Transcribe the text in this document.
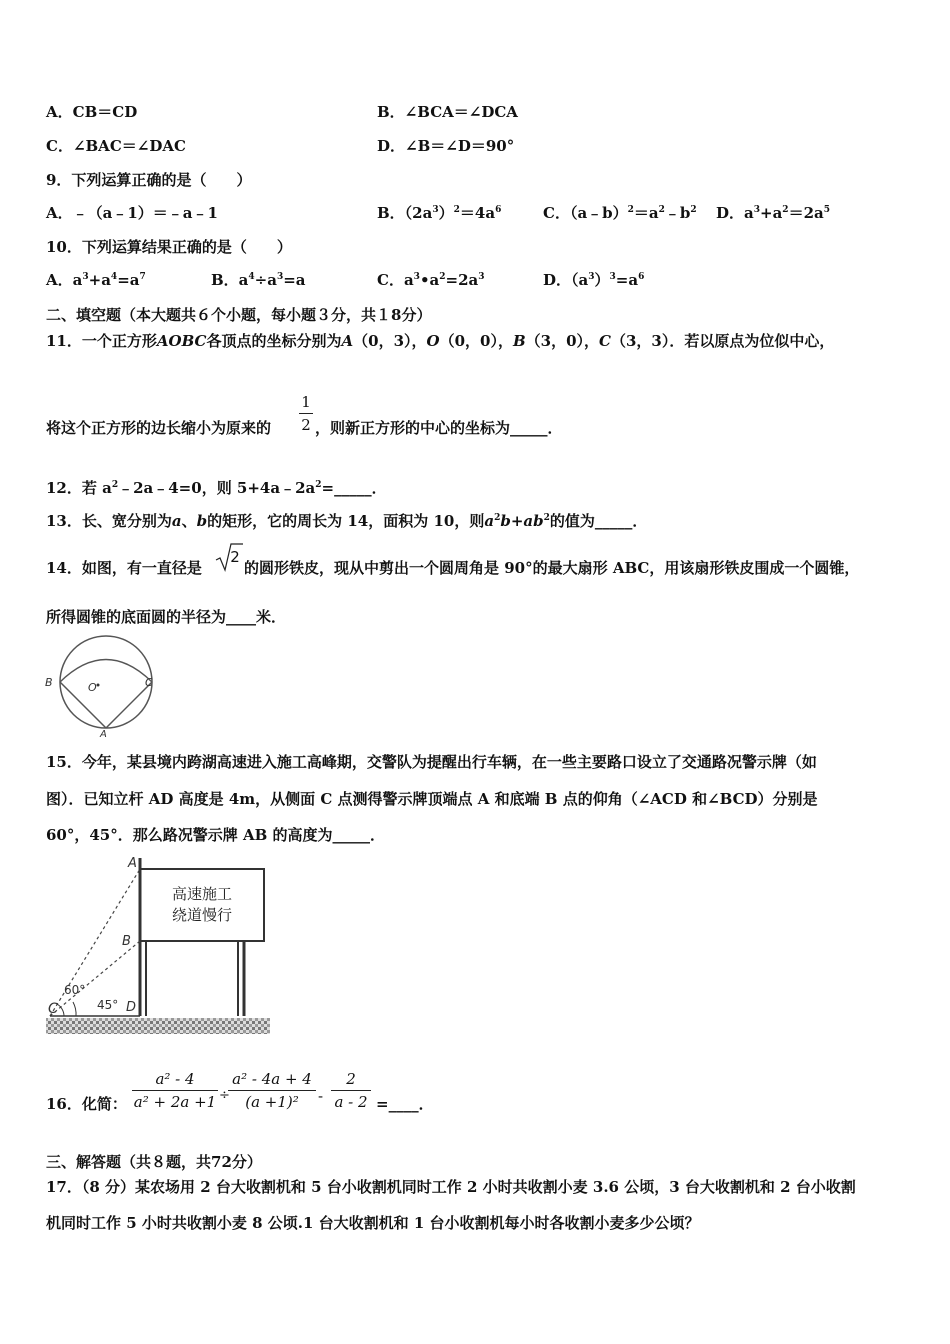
A．CB＝CD	B．∠BCA＝∠DCA
C．∠BAC＝∠DAC	D．∠B＝∠D＝90°
9．下列运算正确的是（　　）
A．﹣（a﹣1）＝﹣a﹣1	B．$(2a^3)^2=4a^6$	C．$(a﹣b)^2=a^2﹣b^2$ D．$a^3+a^2=2a^5$
10．下列运算结果正确的是（　　）
A．$a^3+a^4=a^7$	B．$a^4\div a^3=a$	C．$a^3•a^2=2a^3$	D．$(a^3)^3=a^6$
二、填空题（本大题共６个小题，每小题３分，共１8分）
11．一个正方形AOBC各顶点的坐标分别为A（0，3），O（0，0），B（3，0），C（3，3）．若以原点为位似中心，
将这个正方形的边长缩小为原来的
1
2 ，则新正方形的中心的坐标为_____．
12．若 $a^2﹣2a﹣4=0$，则 $5+4a﹣2a^2=\_\_\_\_\_$．
13．长、宽分别为a、b的矩形，它的周长为 14，面积为 10，则$a^2b+ab^2$的值为_____．
14．如图，有一直径是
2
的圆形铁皮，现从中剪出一个圆周角是 90°的最大扇形 ABC，用该扇形铁皮围成一个圆锥，
所得圆锥的底面圆的半径为____米．
B	O	C
A
15．今年，某县境内跨湖高速进入施工高峰期，交警队为提醒出行车辆，在一些主要路口设立了交通路况警示牌（如
图）．已知立杆 AD 高度是 4m，从侧面 C 点测得警示牌顶端点 A 和底端 B 点的仰角（∠ACD 和∠BCD）分别是
60°，45°．那么路况警示牌 AB 的高度为_____．
高速施工
绕道慢行
A
B
60°
C	45° D
16．化简：
a² - 4
a² + 2a +1 ÷
a² - 4a + 4
(a +1)²	-
2
a - 2 =____．
三、解答题（共８题，共72分）
17．（8 分）某农场用 2 台大收割机和 5 台小收割机同时工作 2 小时共收割小麦 3.6 公顷，3 台大收割机和 2 台小收割
机同时工作 5 小时共收割小麦 8 公顷.1 台大收割机和 1 台小收割机每小时各收割小麦多少公顷？
